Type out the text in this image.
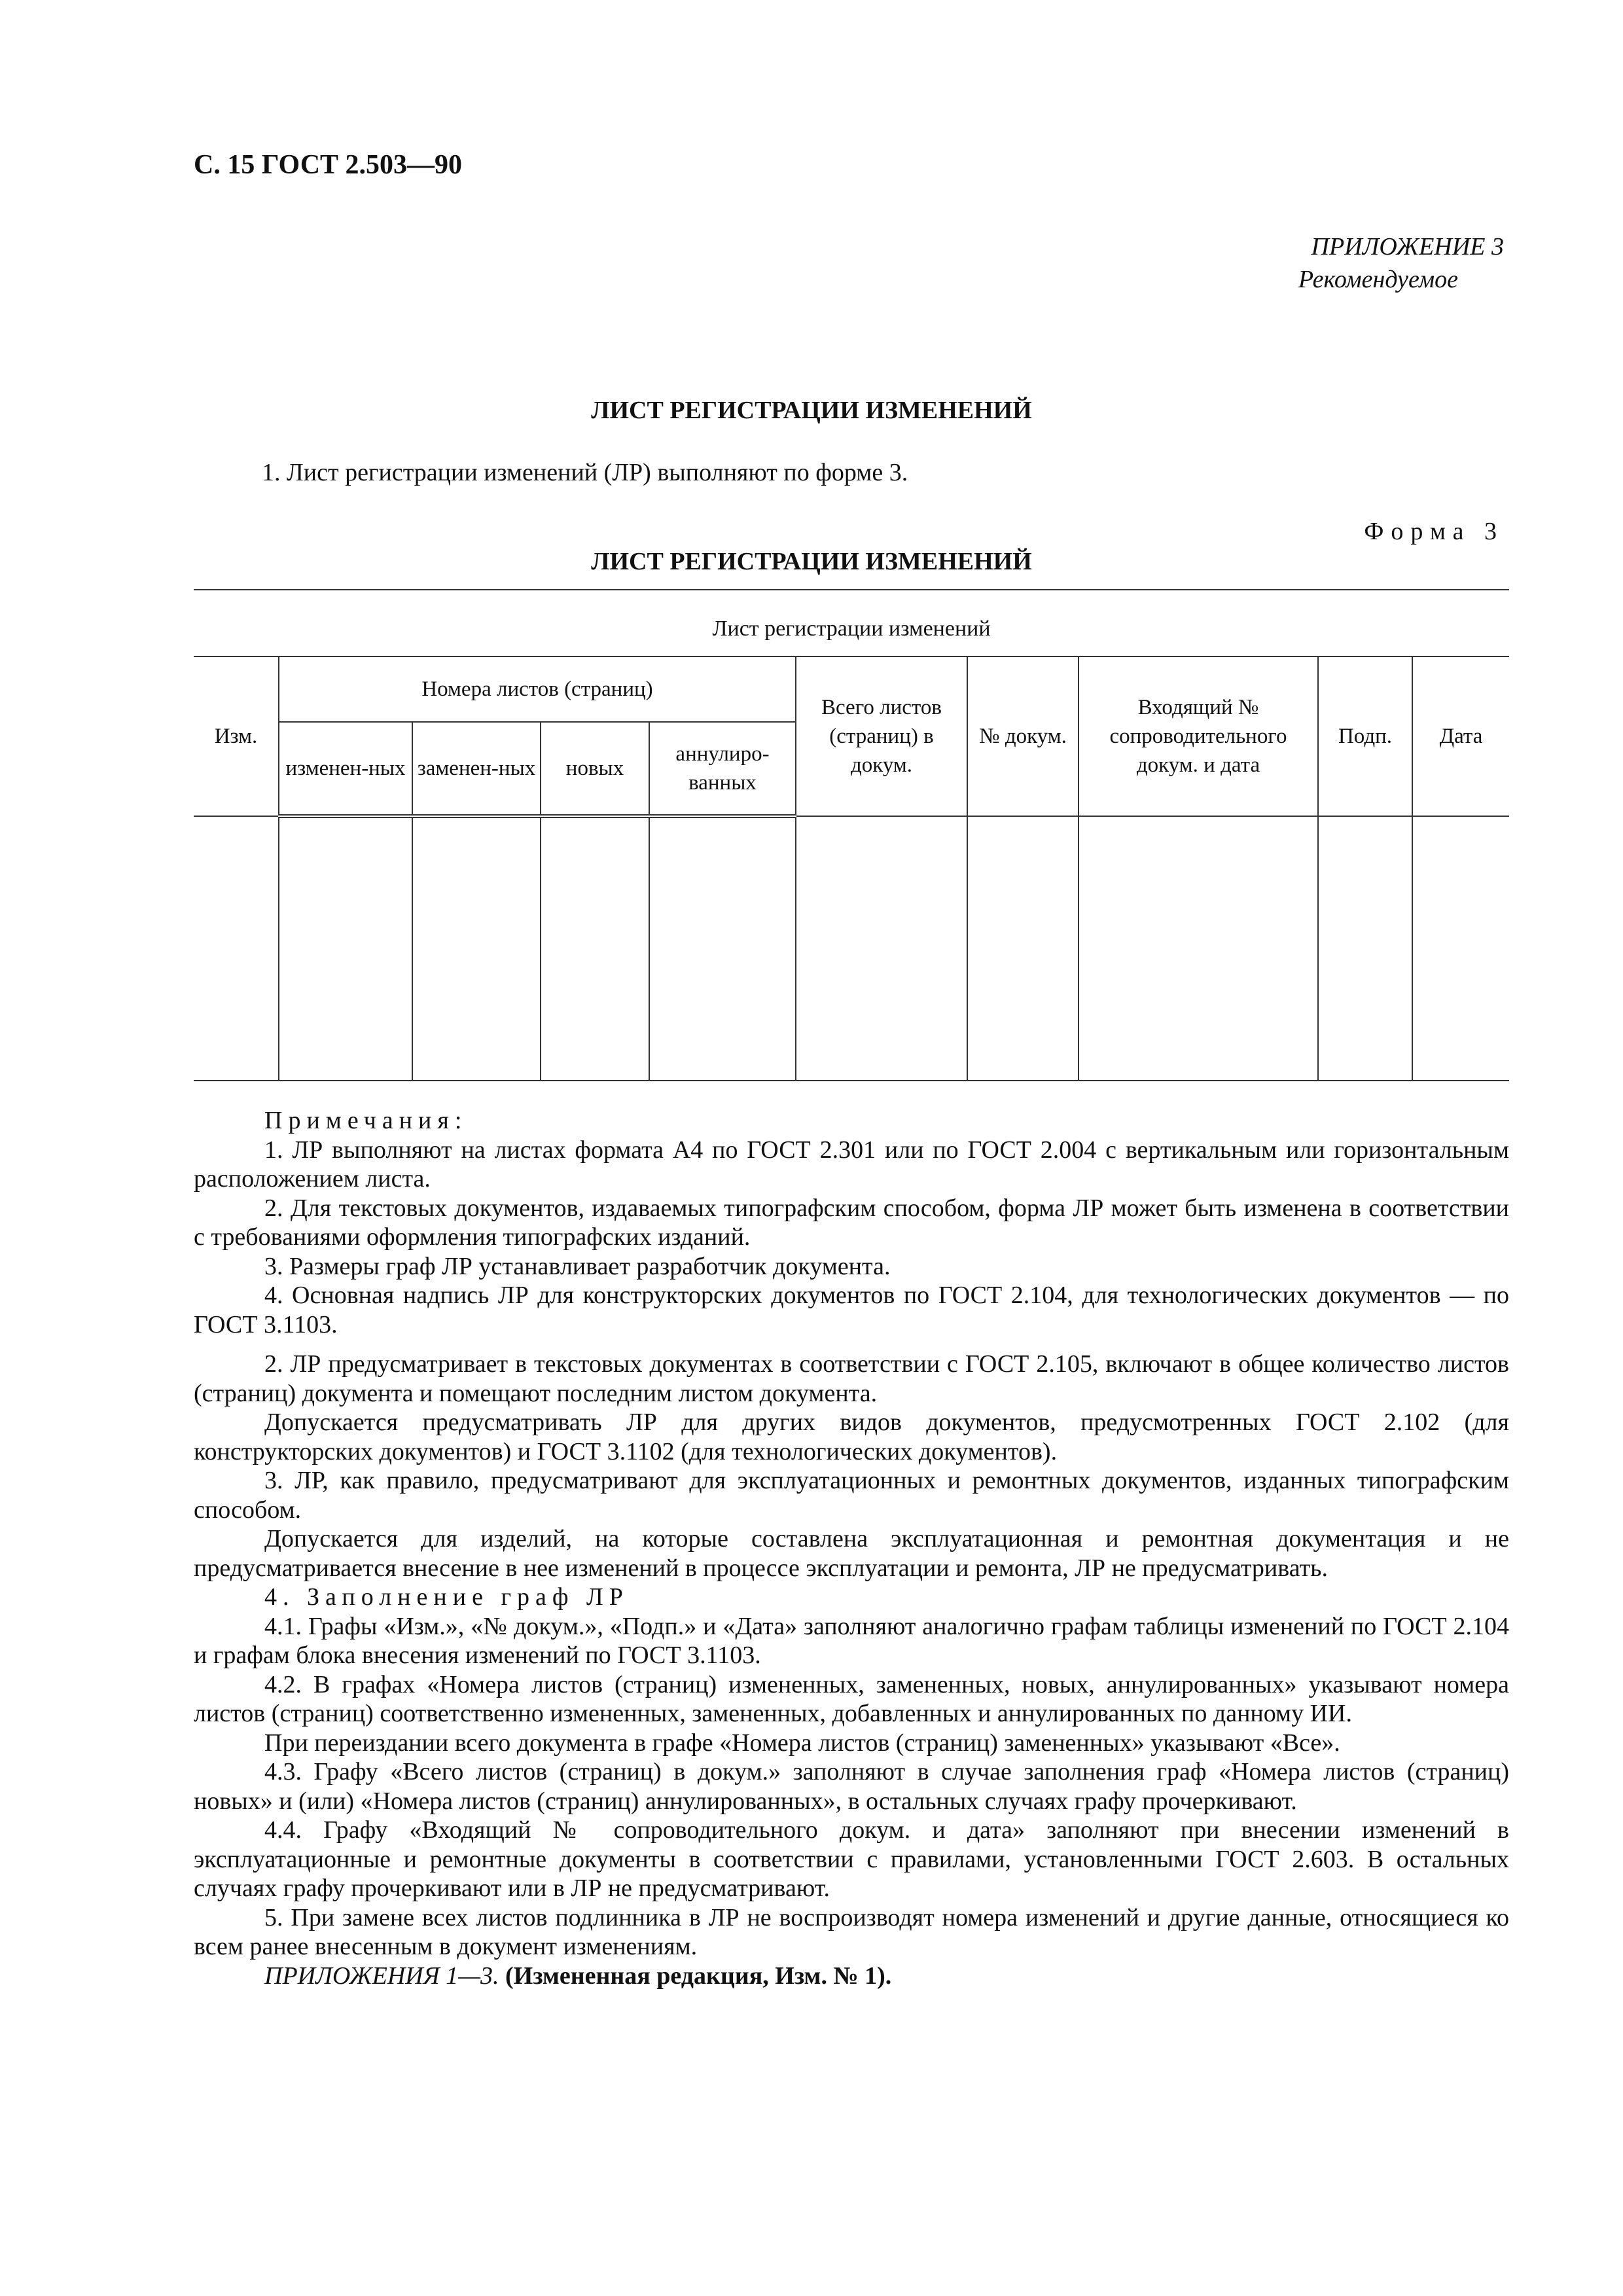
С. 15 ГОСТ 2.503—90
ПРИЛОЖЕНИЕ 3
Рекомендуемое
ЛИСТ РЕГИСТРАЦИИ ИЗМЕНЕНИЙ
1. Лист регистрации изменений (ЛР) выполняют по форме 3.
Форма 3
ЛИСТ РЕГИСТРАЦИИ ИЗМЕНЕНИЙ
Лист регистрации изменений
Изм.	Номера листов (страниц)				Всего листов (страниц) в докум.	№ докум.	Входящий № сопроводительного докум. и дата	Подп.	Дата
	изменен-ных	заменен-ных	новых	аннулиро-ванных					

Примечания:

1. ЛР выполняют на листах формата А4 по ГОСТ 2.301 или по ГОСТ 2.004 с вертикальным или горизонтальным расположением листа.

2. Для текстовых документов, издаваемых типографским способом, форма ЛР может быть изменена в соответствии с требованиями оформления типографских изданий.

3. Размеры граф ЛР устанавливает разработчик документа.

4. Основная надпись ЛР для конструкторских документов по ГОСТ 2.104, для технологических документов — по ГОСТ 3.1103.

2. ЛР предусматривает в текстовых документах в соответствии с ГОСТ 2.105, включают в общее количество листов (страниц) документа и помещают последним листом документа.

Допускается предусматривать ЛР для других видов документов, предусмотренных ГОСТ 2.102 (для конструкторских документов) и ГОСТ 3.1102 (для технологических документов).

3. ЛР, как правило, предусматривают для эксплуатационных и ремонтных документов, изданных типографским способом.

Допускается для изделий, на которые составлена эксплуатационная и ремонтная документация и не предусматривается внесение в нее изменений в процессе эксплуатации и ремонта, ЛР не предусматривать.

4. Заполнение граф ЛР

4.1. Графы «Изм.», «№ докум.», «Подп.» и «Дата» заполняют аналогично графам таблицы изменений по ГОСТ 2.104 и графам блока внесения изменений по ГОСТ 3.1103.

4.2. В графах «Номера листов (страниц) измененных, замененных, новых, аннулированных» указывают номера листов (страниц) соответственно измененных, замененных, добавленных и аннулированных по данному ИИ.

При переиздании всего документа в графе «Номера листов (страниц) замененных» указывают «Все».

4.3. Графу «Всего листов (страниц) в докум.» заполняют в случае заполнения граф «Номера листов (страниц) новых» и (или) «Номера листов (страниц) аннулированных», в остальных случаях графу прочеркивают.

4.4. Графу «Входящий № сопроводительного докум. и дата» заполняют при внесении изменений в эксплуатационные и ремонтные документы в соответствии с правилами, установленными ГОСТ 2.603. В остальных случаях графу прочеркивают или в ЛР не предусматривают.

5. При замене всех листов подлинника в ЛР не воспроизводят номера изменений и другие данные, относящиеся ко всем ранее внесенным в документ изменениям.

ПРИЛОЖЕНИЯ 1—3. (Измененная редакция, Изм. № 1).
